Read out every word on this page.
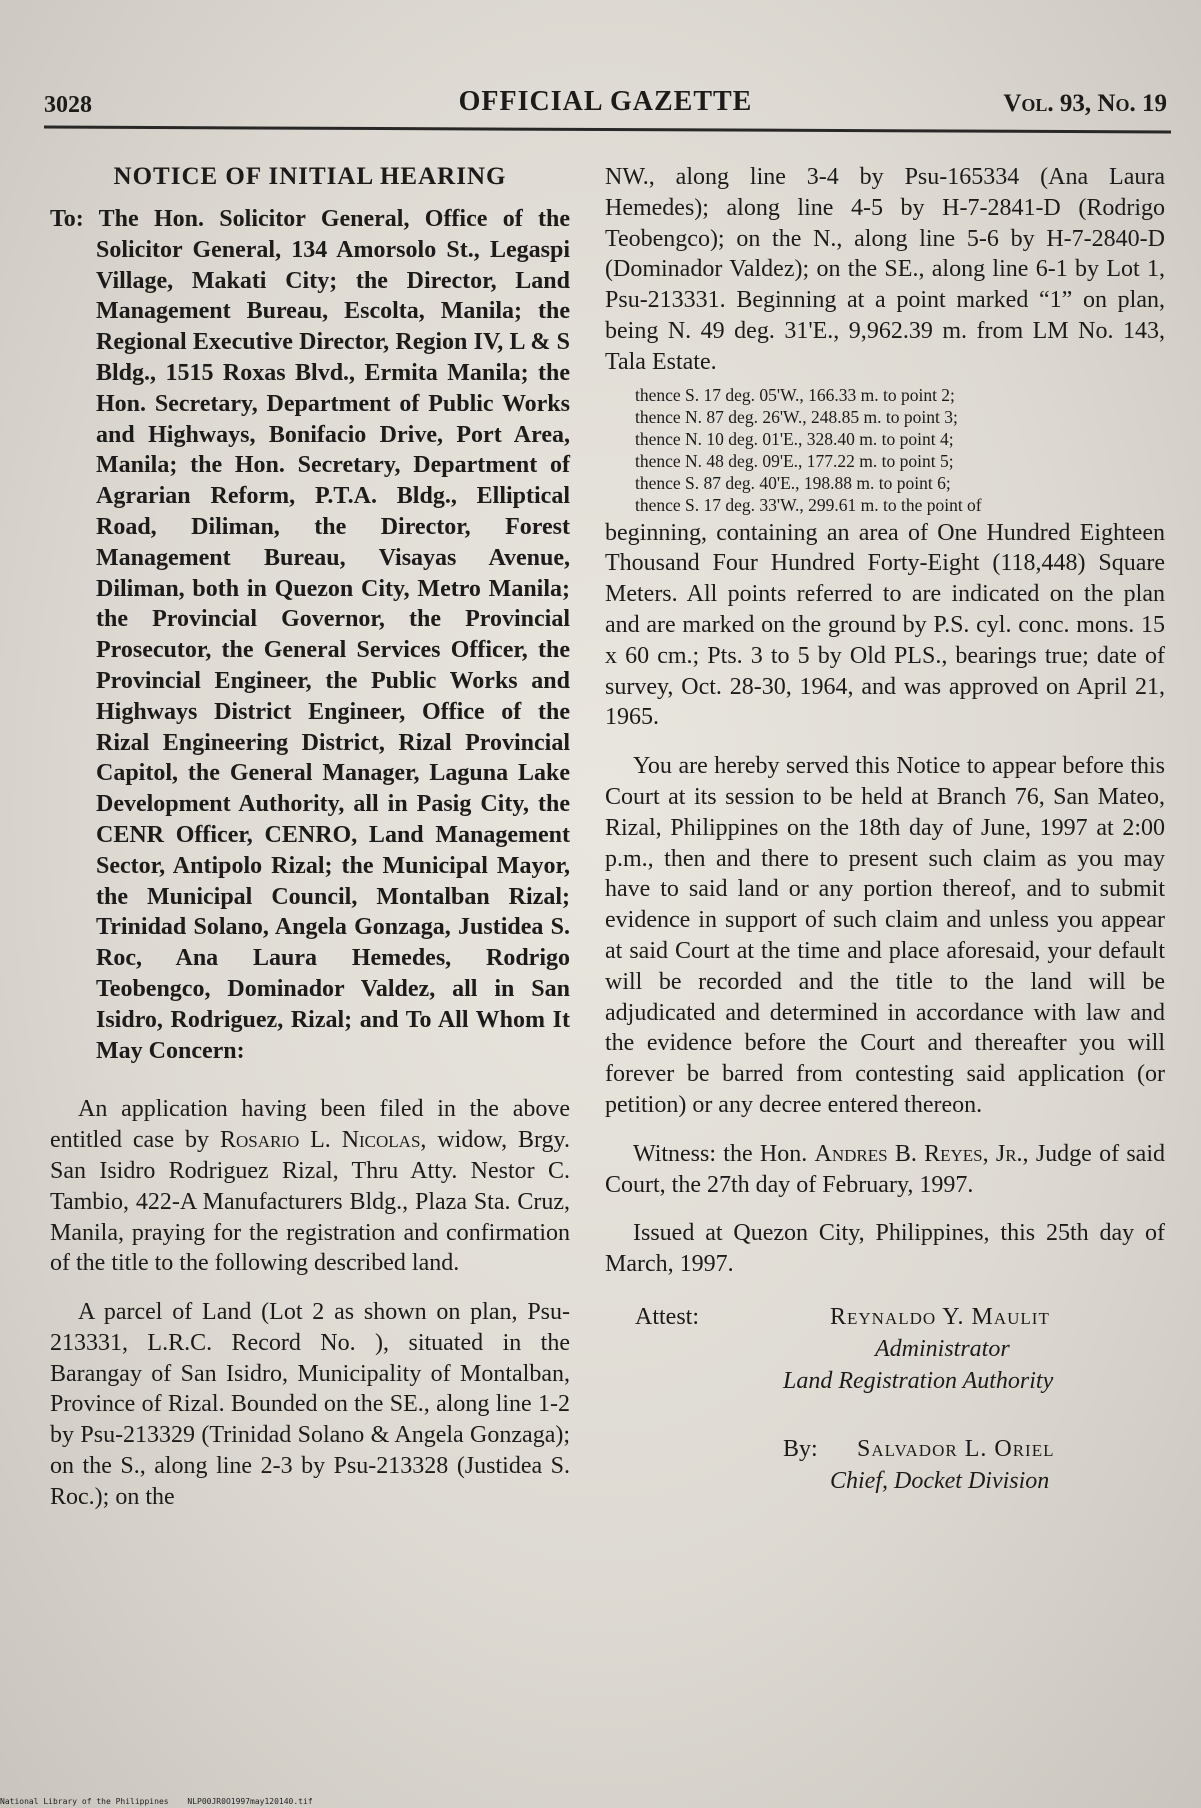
3028	OFFICIAL GAZETTE	Vol. 93, No. 19
NOTICE OF INITIAL HEARING

To: The Hon. Solicitor General, Office of the Solicitor General, 134 Amorsolo St., Legaspi Village, Makati City; the Director, Land Management Bureau, Escolta, Manila; the Regional Executive Director, Region IV, L & S Bldg., 1515 Roxas Blvd., Ermita Manila; the Hon. Secretary, Department of Public Works and Highways, Bonifacio Drive, Port Area, Manila; the Hon. Secretary, Department of Agrarian Reform, P.T.A. Bldg., Elliptical Road, Diliman, the Director, Forest Management Bureau, Visayas Avenue, Diliman, both in Quezon City, Metro Manila; the Provincial Governor, the Provincial Prosecutor, the General Services Officer, the Provincial Engineer, the Public Works and Highways District Engineer, Office of the Rizal Engineering District, Rizal Provincial Capitol, the General Manager, Laguna Lake Development Authority, all in Pasig City, the CENR Officer, CENRO, Land Management Sector, Antipolo Rizal; the Municipal Mayor, the Municipal Council, Montalban Rizal; Trinidad Solano, Angela Gonzaga, Justidea S. Roc, Ana Laura Hemedes, Rodrigo Teobengco, Dominador Valdez, all in San Isidro, Rodriguez, Rizal; and To All Whom It May Concern:

An application having been filed in the above entitled case by Rosario L. Nicolas, widow, Brgy. San Isidro Rodriguez Rizal, Thru Atty. Nestor C. Tambio, 422-A Manufacturers Bldg., Plaza Sta. Cruz, Manila, praying for the registration and confirmation of the title to the following described land.

A parcel of Land (Lot 2 as shown on plan, Psu-213331, L.R.C. Record No. ), situated in the Barangay of San Isidro, Municipality of Montalban, Province of Rizal. Bounded on the SE., along line 1-2 by Psu-213329 (Trinidad Solano & Angela Gonzaga); on the S., along line 2-3 by Psu-213328 (Justidea S. Roc.); on the

NW., along line 3-4 by Psu-165334 (Ana Laura Hemedes); along line 4-5 by H-7-2841-D (Rodrigo Teobengco); on the N., along line 5-6 by H-7-2840-D (Dominador Valdez); on the SE., along line 6-1 by Lot 1, Psu-213331. Beginning at a point marked “1” on plan, being N. 49 deg. 31'E., 9,962.39 m. from LM No. 143, Tala Estate.

thence S. 17 deg. 05'W., 166.33 m. to point 2;
thence N. 87 deg. 26'W., 248.85 m. to point 3;
thence N. 10 deg. 01'E., 328.40 m. to point 4;
thence N. 48 deg. 09'E., 177.22 m. to point 5;
thence S. 87 deg. 40'E., 198.88 m. to point 6;
thence S. 17 deg. 33'W., 299.61 m. to the point of

beginning, containing an area of One Hundred Eighteen Thousand Four Hundred Forty-Eight (118,448) Square Meters. All points referred to are indicated on the plan and are marked on the ground by P.S. cyl. conc. mons. 15 x 60 cm.; Pts. 3 to 5 by Old PLS., bearings true; date of survey, Oct. 28-30, 1964, and was approved on April 21, 1965.

You are hereby served this Notice to appear before this Court at its session to be held at Branch 76, San Mateo, Rizal, Philippines on the 18th day of June, 1997 at 2:00 p.m., then and there to present such claim as you may have to said land or any portion thereof, and to submit evidence in support of such claim and unless you appear at said Court at the time and place aforesaid, your default will be recorded and the title to the land will be adjudicated and determined in accordance with law and the evidence before the Court and thereafter you will forever be barred from contesting said application (or petition) or any decree entered thereon.

Witness: the Hon. Andres B. Reyes, Jr., Judge of said Court, the 27th day of February, 1997.

Issued at Quezon City, Philippines, this 25th day of March, 1997.

Attest:	Reynaldo Y. Maulit
Administrator
Land Registration Authority
By: Salvador L. Oriel
Chief, Docket Division
National Library of the Philippines NLP00JR0O1997may120140.tif
